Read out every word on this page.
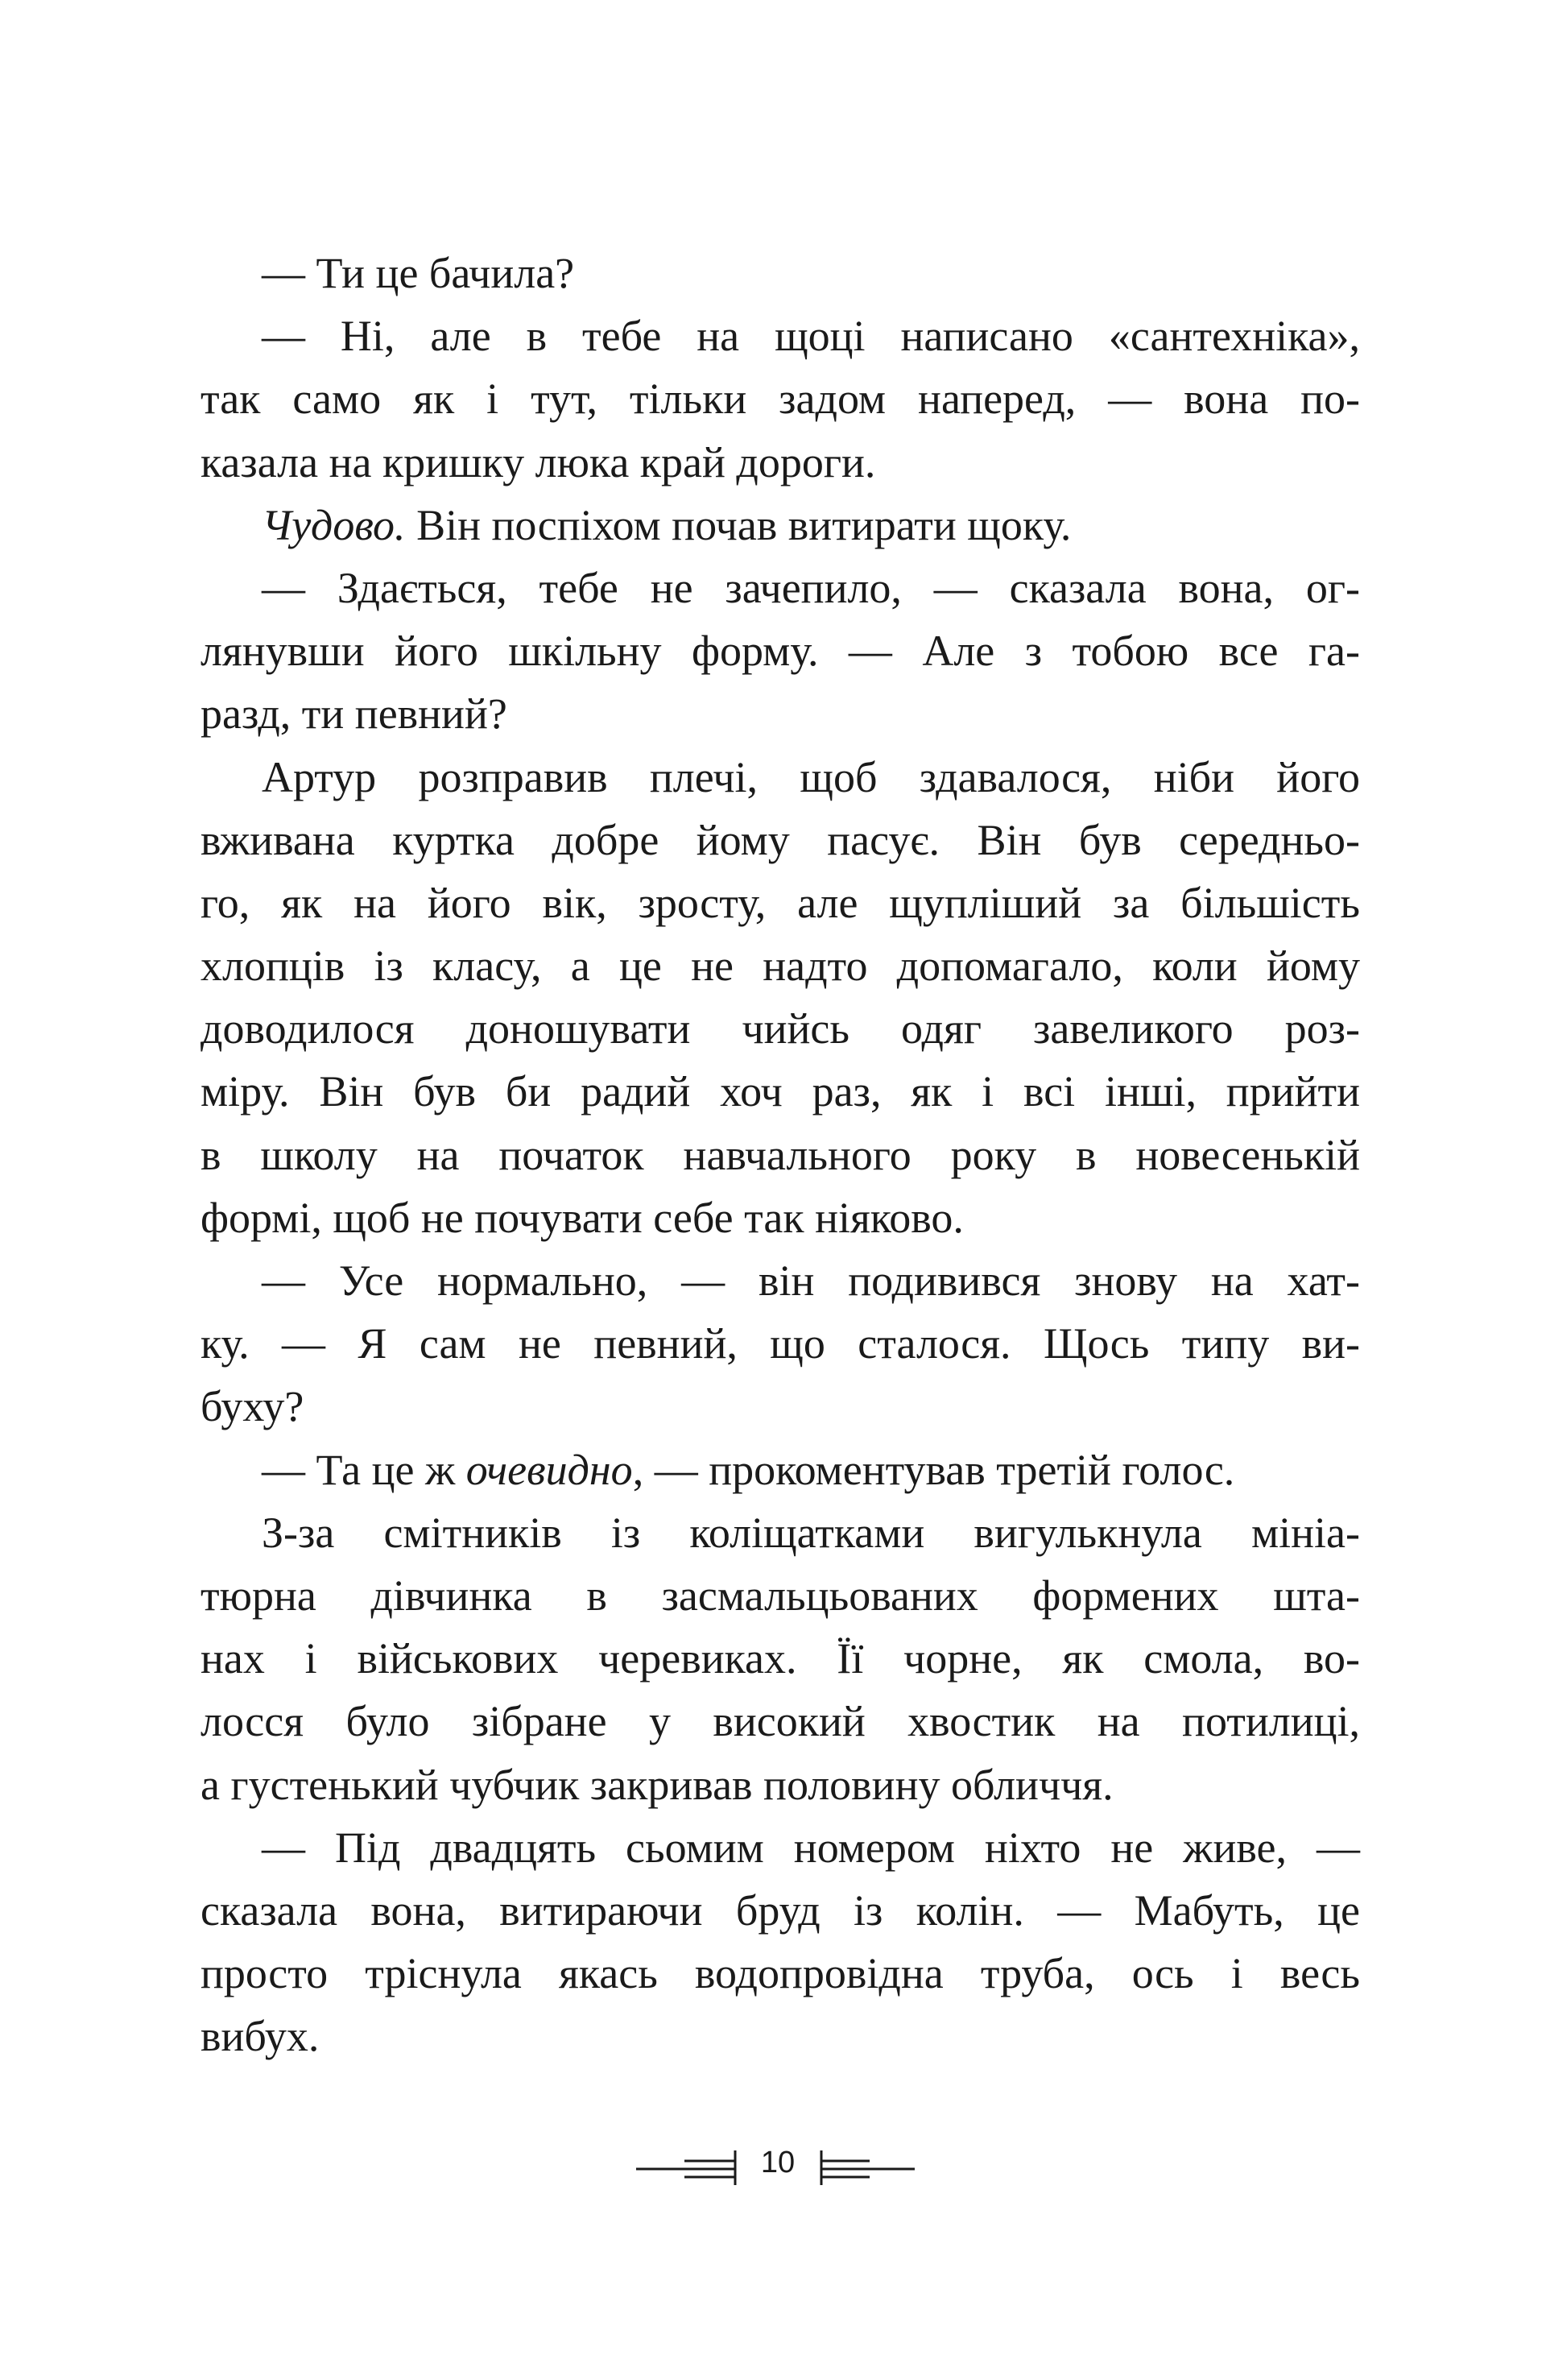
— Ти це бачила?
— Ні, але в тебе на щоці написано «сантехніка»,
так само як і тут, тільки задом наперед, — вона по-
казала на кришку люка край дороги.
Чудово. Він поспіхом почав витирати щоку.
— Здається, тебе не зачепило, — сказала вона, ог-
лянувши його шкільну форму. — Але з тобою все га-
разд, ти певний?
Артур розправив плечі, щоб здавалося, ніби його
вживана куртка добре йому пасує. Він був середньо-
го, як на його вік, зросту, але щупліший за більшість
хлопців із класу, а це не надто допомагало, коли йому
доводилося доношувати чийсь одяг завеликого роз-
міру. Він був би радий хоч раз, як і всі інші, прийти
в школу на початок навчального року в новесенькій
формі, щоб не почувати себе так ніяково.
— Усе нормально, — він подивився знову на хат-
ку. — Я сам не певний, що сталося. Щось типу ви-
буху?
— Та це ж очевидно, — прокоментував третій голос.
З-за смітників із коліщатками вигулькнула мініа-
тюрна дівчинка в засмальцьованих формених шта-
нах і військових черевиках. Її чорне, як смола, во-
лосся було зібране у високий хвостик на потилиці,
а густенький чубчик закривав половину обличчя.
— Під двадцять сьомим номером ніхто не живе, —
сказала вона, витираючи бруд із колін. — Мабуть, це
просто тріснула якась водопровідна труба, ось і весь
вибух.
10
